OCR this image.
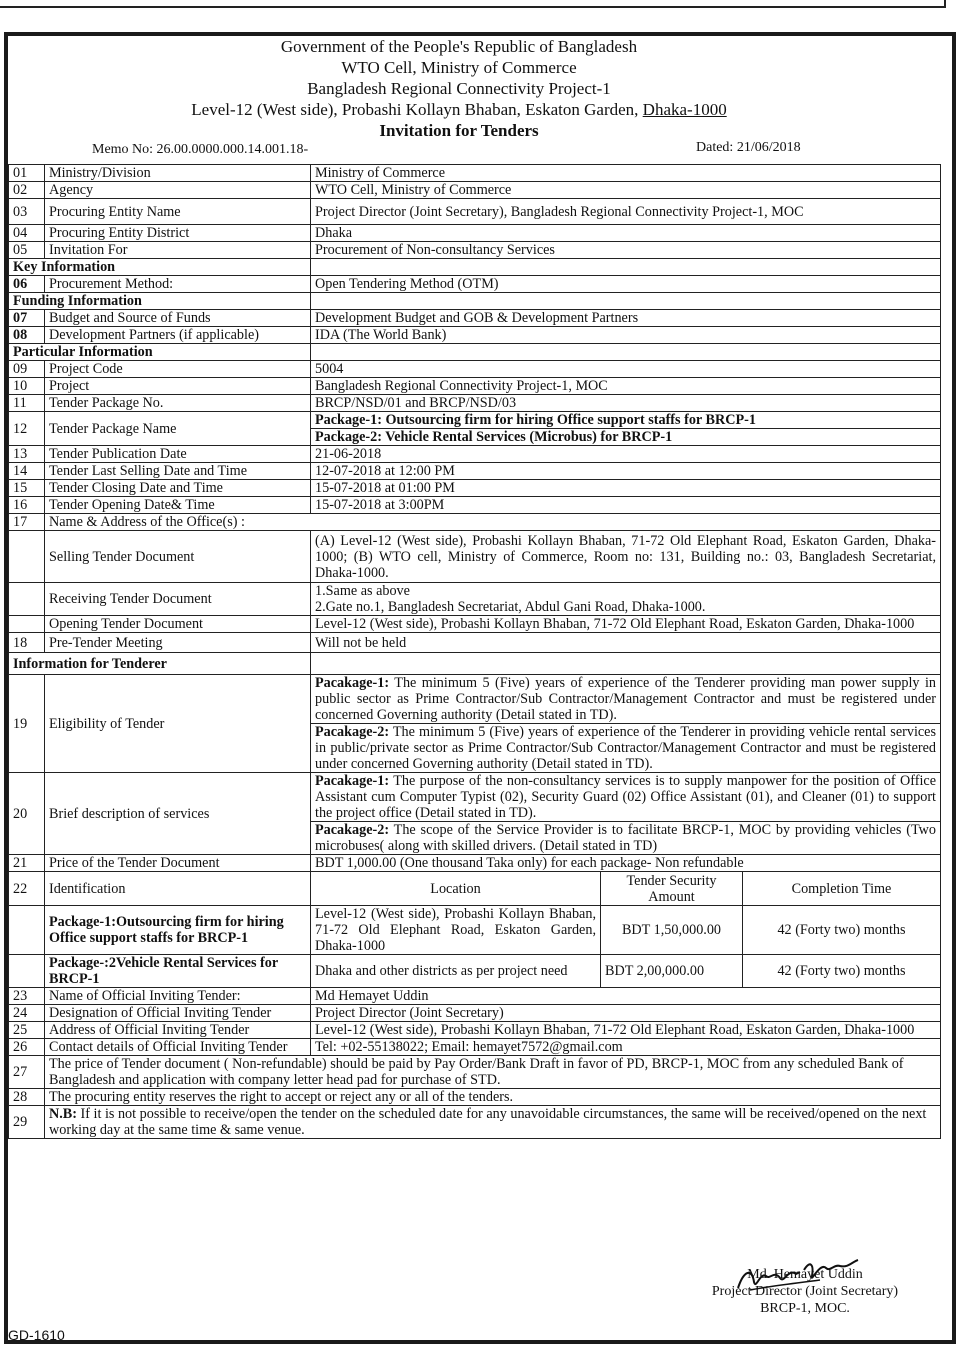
Government of the People's Republic of Bangladesh
WTO Cell, Ministry of Commerce
Bangladesh Regional Connectivity Project-1
Level-12 (West side), Probashi Kollayn Bhaban, Eskaton Garden, Dhaka-1000
Invitation for Tenders
Memo No: 26.00.0000.000.14.001.18-	Dated: 21/06/2018
01	Ministry/Division	Ministry of Commerce		
02	Agency	WTO Cell, Ministry of Commerce		
03	Procuring Entity Name	Project Director (Joint Secretary), Bangladesh Regional Connectivity Project-1, MOC		
04	Procuring Entity District	Dhaka		
05	Invitation For	Procurement of Non-consultancy Services		
Key Information				
06	Procurement Method:	Open Tendering Method (OTM)		
Funding Information				
07	Budget and Source of Funds	Development Budget and GOB & Development Partners		
08	Development Partners (if applicable)	IDA (The World Bank)		
Particular Information				
09	Project Code	5004		
10	Project	Bangladesh Regional Connectivity Project-1, MOC		
11	Tender Package No.	BRCP/NSD/01 and BRCP/NSD/03		
12	Tender Package Name	Package-1: Outsourcing firm for hiring Office support staffs for BRCP-1		
		Package-2: Vehicle Rental Services (Microbus) for BRCP-1		
13	Tender Publication Date	21-06-2018		
14	Tender Last Selling Date and Time	12-07-2018 at 12:00 PM		
15	Tender Closing Date and Time	15-07-2018 at 01:00 PM		
16	Tender Opening Date& Time	15-07-2018 at 3:00PM		
17	Name & Address of the Office(s) :			
	Selling Tender Document	(A) Level-12 (West side), Probashi Kollayn Bhaban, 71-72 Old Elephant Road, Eskaton Garden, Dhaka-1000; (B) WTO cell, Ministry of Commerce, Room no: 131, Building no.: 03, Bangladesh Secretariat, Dhaka-1000.		
	Receiving Tender Document	1.Same as above
2.Gate no.1, Bangladesh Secretariat, Abdul Gani Road, Dhaka-1000.		

	Opening Tender Document	Level-12 (West side), Probashi Kollayn Bhaban, 71-72 Old Elephant Road, Eskaton Garden, Dhaka-1000		
18	Pre-Tender Meeting	Will not be held		
Information for Tenderer				
19	Eligibility of Tender	Pacakage-1: The minimum 5 (Five) years of experience of the Tenderer providing man power supply in public sector as Prime Contractor/Sub Contractor/Management Contractor and must be registered under concerned Governing authority (Detail stated in TD).		
		Pacakage-2: The minimum 5 (Five) years of experience of the Tenderer in providing vehicle rental services in public/private sector as Prime Contractor/Sub Contractor/Management Contractor and must be registered under concerned Governing authority (Detail stated in TD).		
20	Brief description of services	Pacakage-1: The purpose of the non-consultancy services is to supply manpower for the position of Office Assistant cum Computer Typist (02), Security Guard (02) Office Assistant (01), and Cleaner (01) to support the project office (Detail stated in TD).		
		Pacakage-2: The scope of the Service Provider is to facilitate BRCP-1, MOC by providing vehicles (Two microbuses( along with skilled drivers. (Detail stated in TD)		
21	Price of the Tender Document	BDT 1,000.00 (One thousand Taka only) for each package- Non refundable		
22	Identification	Location	Tender Security Amount	Completion Time
	Package-1:Outsourcing firm for hiring Office support staffs for BRCP-1	Level-12 (West side), Probashi Kollayn Bhaban, 71-72 Old Elephant Road, Eskaton Garden, Dhaka-1000	BDT 1,50,000.00	42 (Forty two) months
	Package-:2Vehicle Rental Services for BRCP-1	Dhaka and other districts as per project need	BDT 2,00,000.00	42 (Forty two) months
23	Name of Official Inviting Tender:	Md Hemayet Uddin		
24	Designation of Official Inviting Tender	Project Director (Joint Secretary)		
25	Address of Official Inviting Tender	Level-12 (West side), Probashi Kollayn Bhaban, 71-72 Old Elephant Road, Eskaton Garden, Dhaka-1000		
26	Contact details of Official Inviting Tender	Tel: +02-55138022; Email: hemayet7572@gmail.com		
27	The price of Tender document ( Non-refundable) should be paid by Pay Order/Bank Draft in favor of PD, BRCP-1, MOC from any scheduled Bank of Bangladesh and application with company letter head pad for purchase of STD.			
28	The procuring entity reserves the right to accept or reject any or all of the tenders.			
29	N.B: If it is not possible to receive/open the tender on the scheduled date for any unavoidable circumstances, the same will be received/opened on the next working day at the same time & same venue.			
Md. Hemayet Uddin
Project Director (Joint Secretary)
BRCP-1, MOC.
GD-1610
